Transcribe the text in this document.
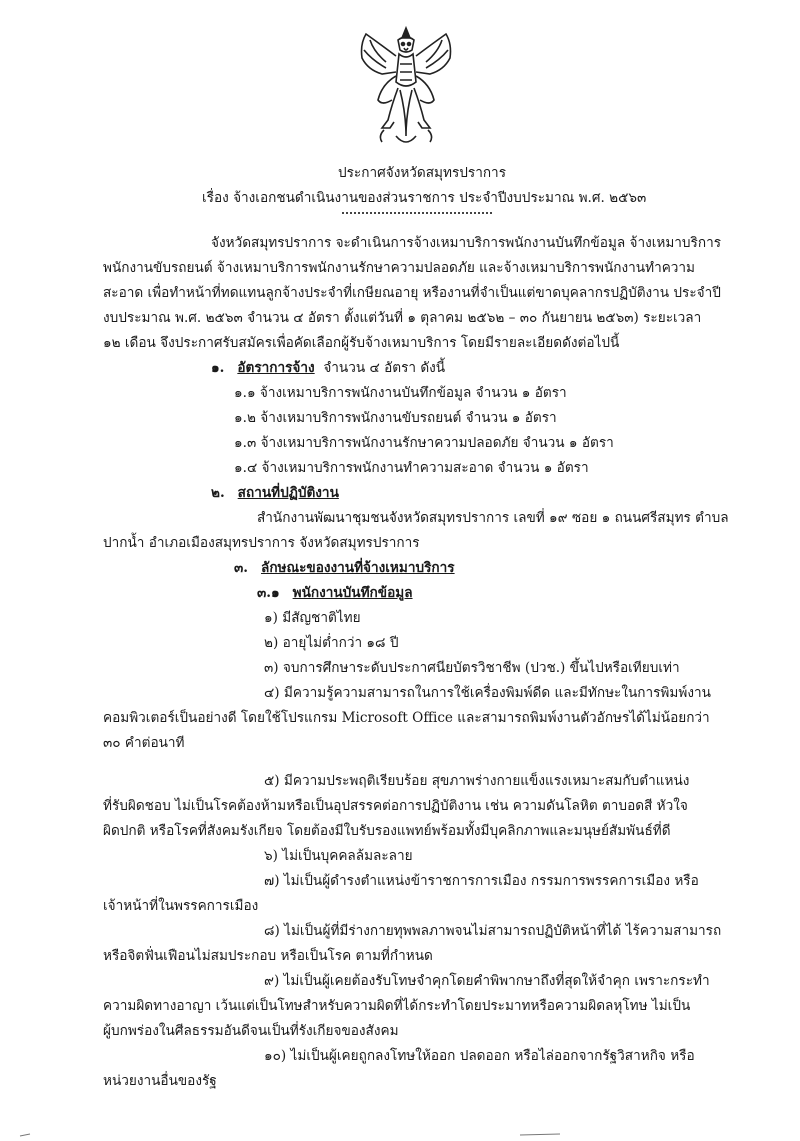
ประกาศจังหวัดสมุทรปราการ
เรื่อง จ้างเอกชนดำเนินงานของส่วนราชการ ประจำปีงบประมาณ พ.ศ. ๒๕๖๓
จังหวัดสมุทรปราการ จะดำเนินการจ้างเหมาบริการพนักงานบันทึกข้อมูล จ้างเหมาบริการ
พนักงานขับรถยนต์ จ้างเหมาบริการพนักงานรักษาความปลอดภัย และจ้างเหมาบริการพนักงานทำความ
สะอาด เพื่อทำหน้าที่ทดแทนลูกจ้างประจำที่เกษียณอายุ หรืองานที่จำเป็นแต่ขาดบุคลากรปฏิบัติงาน ประจำปี
งบประมาณ พ.ศ. ๒๕๖๓ จำนวน ๔ อัตรา ตั้งแต่วันที่ ๑ ตุลาคม ๒๕๖๒ – ๓๐ กันยายน ๒๕๖๓) ระยะเวลา
๑๒ เดือน จึงประกาศรับสมัครเพื่อคัดเลือกผู้รับจ้างเหมาบริการ โดยมีรายละเอียดดังต่อไปนี้
๑. อัตราการจ้าง จำนวน ๔ อัตรา ดังนี้
๑.๑ จ้างเหมาบริการพนักงานบันทึกข้อมูล จำนวน ๑ อัตรา
๑.๒ จ้างเหมาบริการพนักงานขับรถยนต์ จำนวน ๑ อัตรา
๑.๓ จ้างเหมาบริการพนักงานรักษาความปลอดภัย จำนวน ๑ อัตรา
๑.๔ จ้างเหมาบริการพนักงานทำความสะอาด จำนวน ๑ อัตรา
๒. สถานที่ปฏิบัติงาน
สำนักงานพัฒนาชุมชนจังหวัดสมุทรปราการ เลขที่ ๑๙ ซอย ๑ ถนนศรีสมุทร ตำบล
ปากน้ำ อำเภอเมืองสมุทรปราการ จังหวัดสมุทรปราการ
๓. ลักษณะของงานที่จ้างเหมาบริการ
๓.๑ พนักงานบันทึกข้อมูล
๑) มีสัญชาติไทย
๒) อายุไม่ต่ำกว่า ๑๘ ปี
๓) จบการศึกษาระดับประกาศนียบัตรวิชาชีพ (ปวช.) ขึ้นไปหรือเทียบเท่า
๔) มีความรู้ความสามารถในการใช้เครื่องพิมพ์ดีด และมีทักษะในการพิมพ์งาน
คอมพิวเตอร์เป็นอย่างดี โดยใช้โปรแกรม Microsoft Office และสามารถพิมพ์งานตัวอักษรได้ไม่น้อยกว่า
๓๐ คำต่อนาที
๕) มีความประพฤติเรียบร้อย สุขภาพร่างกายแข็งแรงเหมาะสมกับตำแหน่ง
ที่รับผิดชอบ ไม่เป็นโรคต้องห้ามหรือเป็นอุปสรรคต่อการปฏิบัติงาน เช่น ความดันโลหิต ตาบอดสี หัวใจ
ผิดปกติ หรือโรคที่สังคมรังเกียจ โดยต้องมีใบรับรองแพทย์พร้อมทั้งมีบุคลิกภาพและมนุษย์สัมพันธ์ที่ดี
๖) ไม่เป็นบุคคลล้มละลาย
๗) ไม่เป็นผู้ดำรงตำแหน่งข้าราชการการเมือง กรรมการพรรคการเมือง หรือ
เจ้าหน้าที่ในพรรคการเมือง
๘) ไม่เป็นผู้ที่มีร่างกายทุพพลภาพจนไม่สามารถปฏิบัติหน้าที่ได้ ไร้ความสามารถ
หรือจิตฟั่นเฟือนไม่สมประกอบ หรือเป็นโรค ตามที่กำหนด
๙) ไม่เป็นผู้เคยต้องรับโทษจำคุกโดยคำพิพากษาถึงที่สุดให้จำคุก เพราะกระทำ
ความผิดทางอาญา เว้นแต่เป็นโทษสำหรับความผิดที่ได้กระทำโดยประมาทหรือความผิดลหุโทษ ไม่เป็น
ผู้บกพร่องในศีลธรรมอันดีจนเป็นที่รังเกียจของสังคม
๑๐) ไม่เป็นผู้เคยถูกลงโทษให้ออก ปลดออก หรือไล่ออกจากรัฐวิสาหกิจ หรือ
หน่วยงานอื่นของรัฐ
